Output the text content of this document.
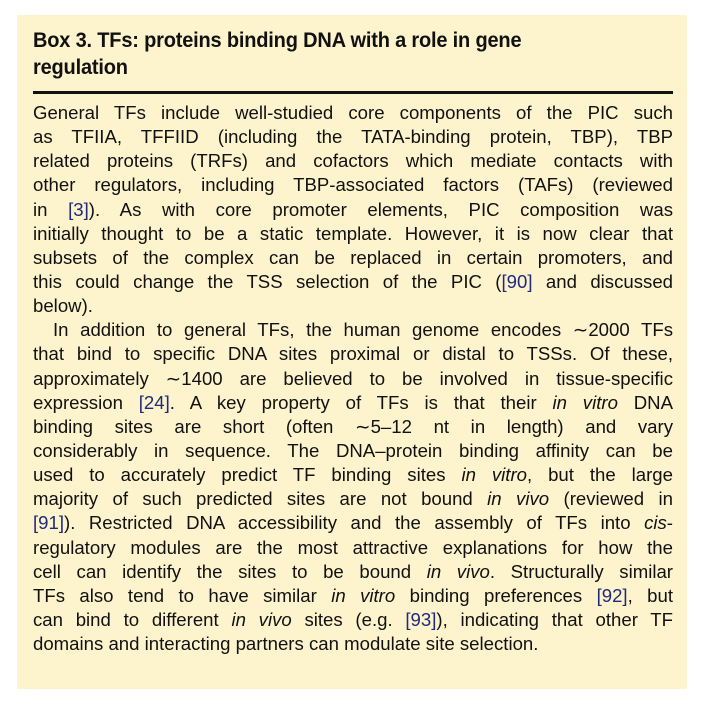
Box 3. TFs: proteins binding DNA with a role in gene
regulation
General TFs include well-studied core components of the PIC such
as TFIIA, TFFIID (including the TATA-binding protein, TBP), TBP
related proteins (TRFs) and cofactors which mediate contacts with
other regulators, including TBP-associated factors (TAFs) (reviewed
in [3]). As with core promoter elements, PIC composition was
initially thought to be a static template. However, it is now clear that
subsets of the complex can be replaced in certain promoters, and
this could change the TSS selection of the PIC ([90] and discussed
below).
In addition to general TFs, the human genome encodes ∼2000 TFs
that bind to specific DNA sites proximal or distal to TSSs. Of these,
approximately ∼1400 are believed to be involved in tissue-specific
expression [24]. A key property of TFs is that their in vitro DNA
binding sites are short (often ∼5–12 nt in length) and vary
considerably in sequence. The DNA–protein binding affinity can be
used to accurately predict TF binding sites in vitro, but the large
majority of such predicted sites are not bound in vivo (reviewed in
[91]). Restricted DNA accessibility and the assembly of TFs into cis-
regulatory modules are the most attractive explanations for how the
cell can identify the sites to be bound in vivo. Structurally similar
TFs also tend to have similar in vitro binding preferences [92], but
can bind to different in vivo sites (e.g. [93]), indicating that other TF
domains and interacting partners can modulate site selection.
